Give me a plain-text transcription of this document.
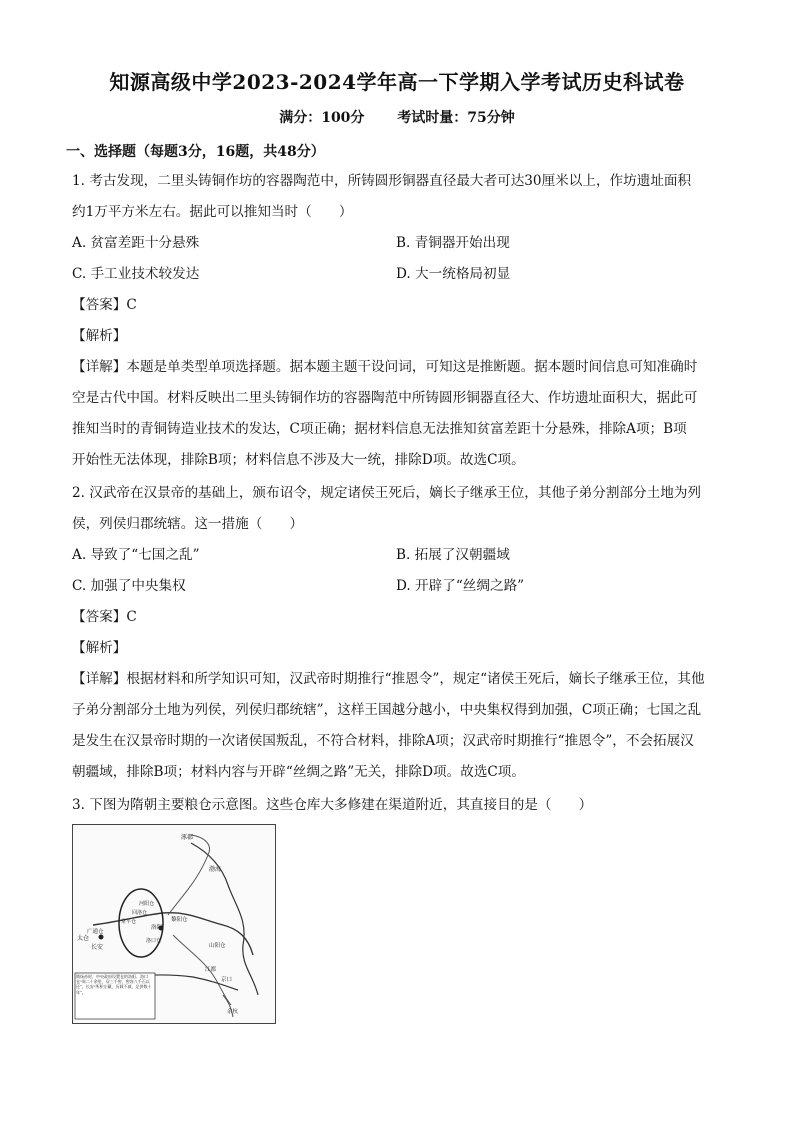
知源高级中学2023-2024学年高一下学期入学考试历史科试卷
满分：100分 考试时量：75分钟
一、选择题（每题3分，16题，共48分）
1. 考古发现，二里头铸铜作坊的容器陶范中，所铸圆形铜器直径最大者可达30厘米以上，作坊遗址面积
约1万平方米左右。据此可以推知当时（　　）
A. 贫富差距十分悬殊	B. 青铜器开始出现
C. 手工业技术较发达	D. 大一统格局初显
【答案】C
【解析】
【详解】本题是单类型单项选择题。据本题主题干设问词，可知这是推断题。据本题时间信息可知准确时
空是古代中国。材料反映出二里头铸铜作坊的容器陶范中所铸圆形铜器直径大、作坊遗址面积大，据此可
推知当时的青铜铸造业技术的发达，C项正确；据材料信息无法推知贫富差距十分悬殊，排除A项；B项
开始性无法体现，排除B项；材料信息不涉及大一统，排除D项。故选C项。
2. 汉武帝在汉景帝的基础上，颁布诏令，规定诸侯王死后，嫡长子继承王位，其他子弟分割部分土地为列
侯，列侯归郡统辖。这一措施（　　）
A. 导致了“七国之乱”	B. 拓展了汉朝疆域
C. 加强了中央集权	D. 开辟了“丝绸之路”
【答案】C
【解析】
【详解】根据材料和所学知识可知，汉武帝时期推行“推恩令”，规定“诸侯王死后，嫡长子继承王位，其他
子弟分割部分土地为列侯，列侯归郡统辖”，这样王国越分越小，中央集权得到加强，C项正确；七国之乱
是发生在汉景帝时期的一次诸侯国叛乱，不符合材料，排除A项；汉武帝时期推行“推恩令”，不会拓展汉
朝疆域，排除B项；材料内容与开辟“丝绸之路”无关，排除D项。故选C项。
3. 下图为隋朝主要粮仓示意图。这些仓库大多修建在渠道附近，其直接目的是（　　）
涿郡
渤海
太仓
广通仓
长安
河阳仓
常平仓
洛口仓
回洛仓
洛阳
黎阳仓
山阳仓
江都
京口
余杭
隋炀帝时，中央政府设置仓的洛阳、洛口仓“周二十余里，穿三千窖，窖容八千石以还”。长安“所积左藏，历载不减，足供数十年”。
